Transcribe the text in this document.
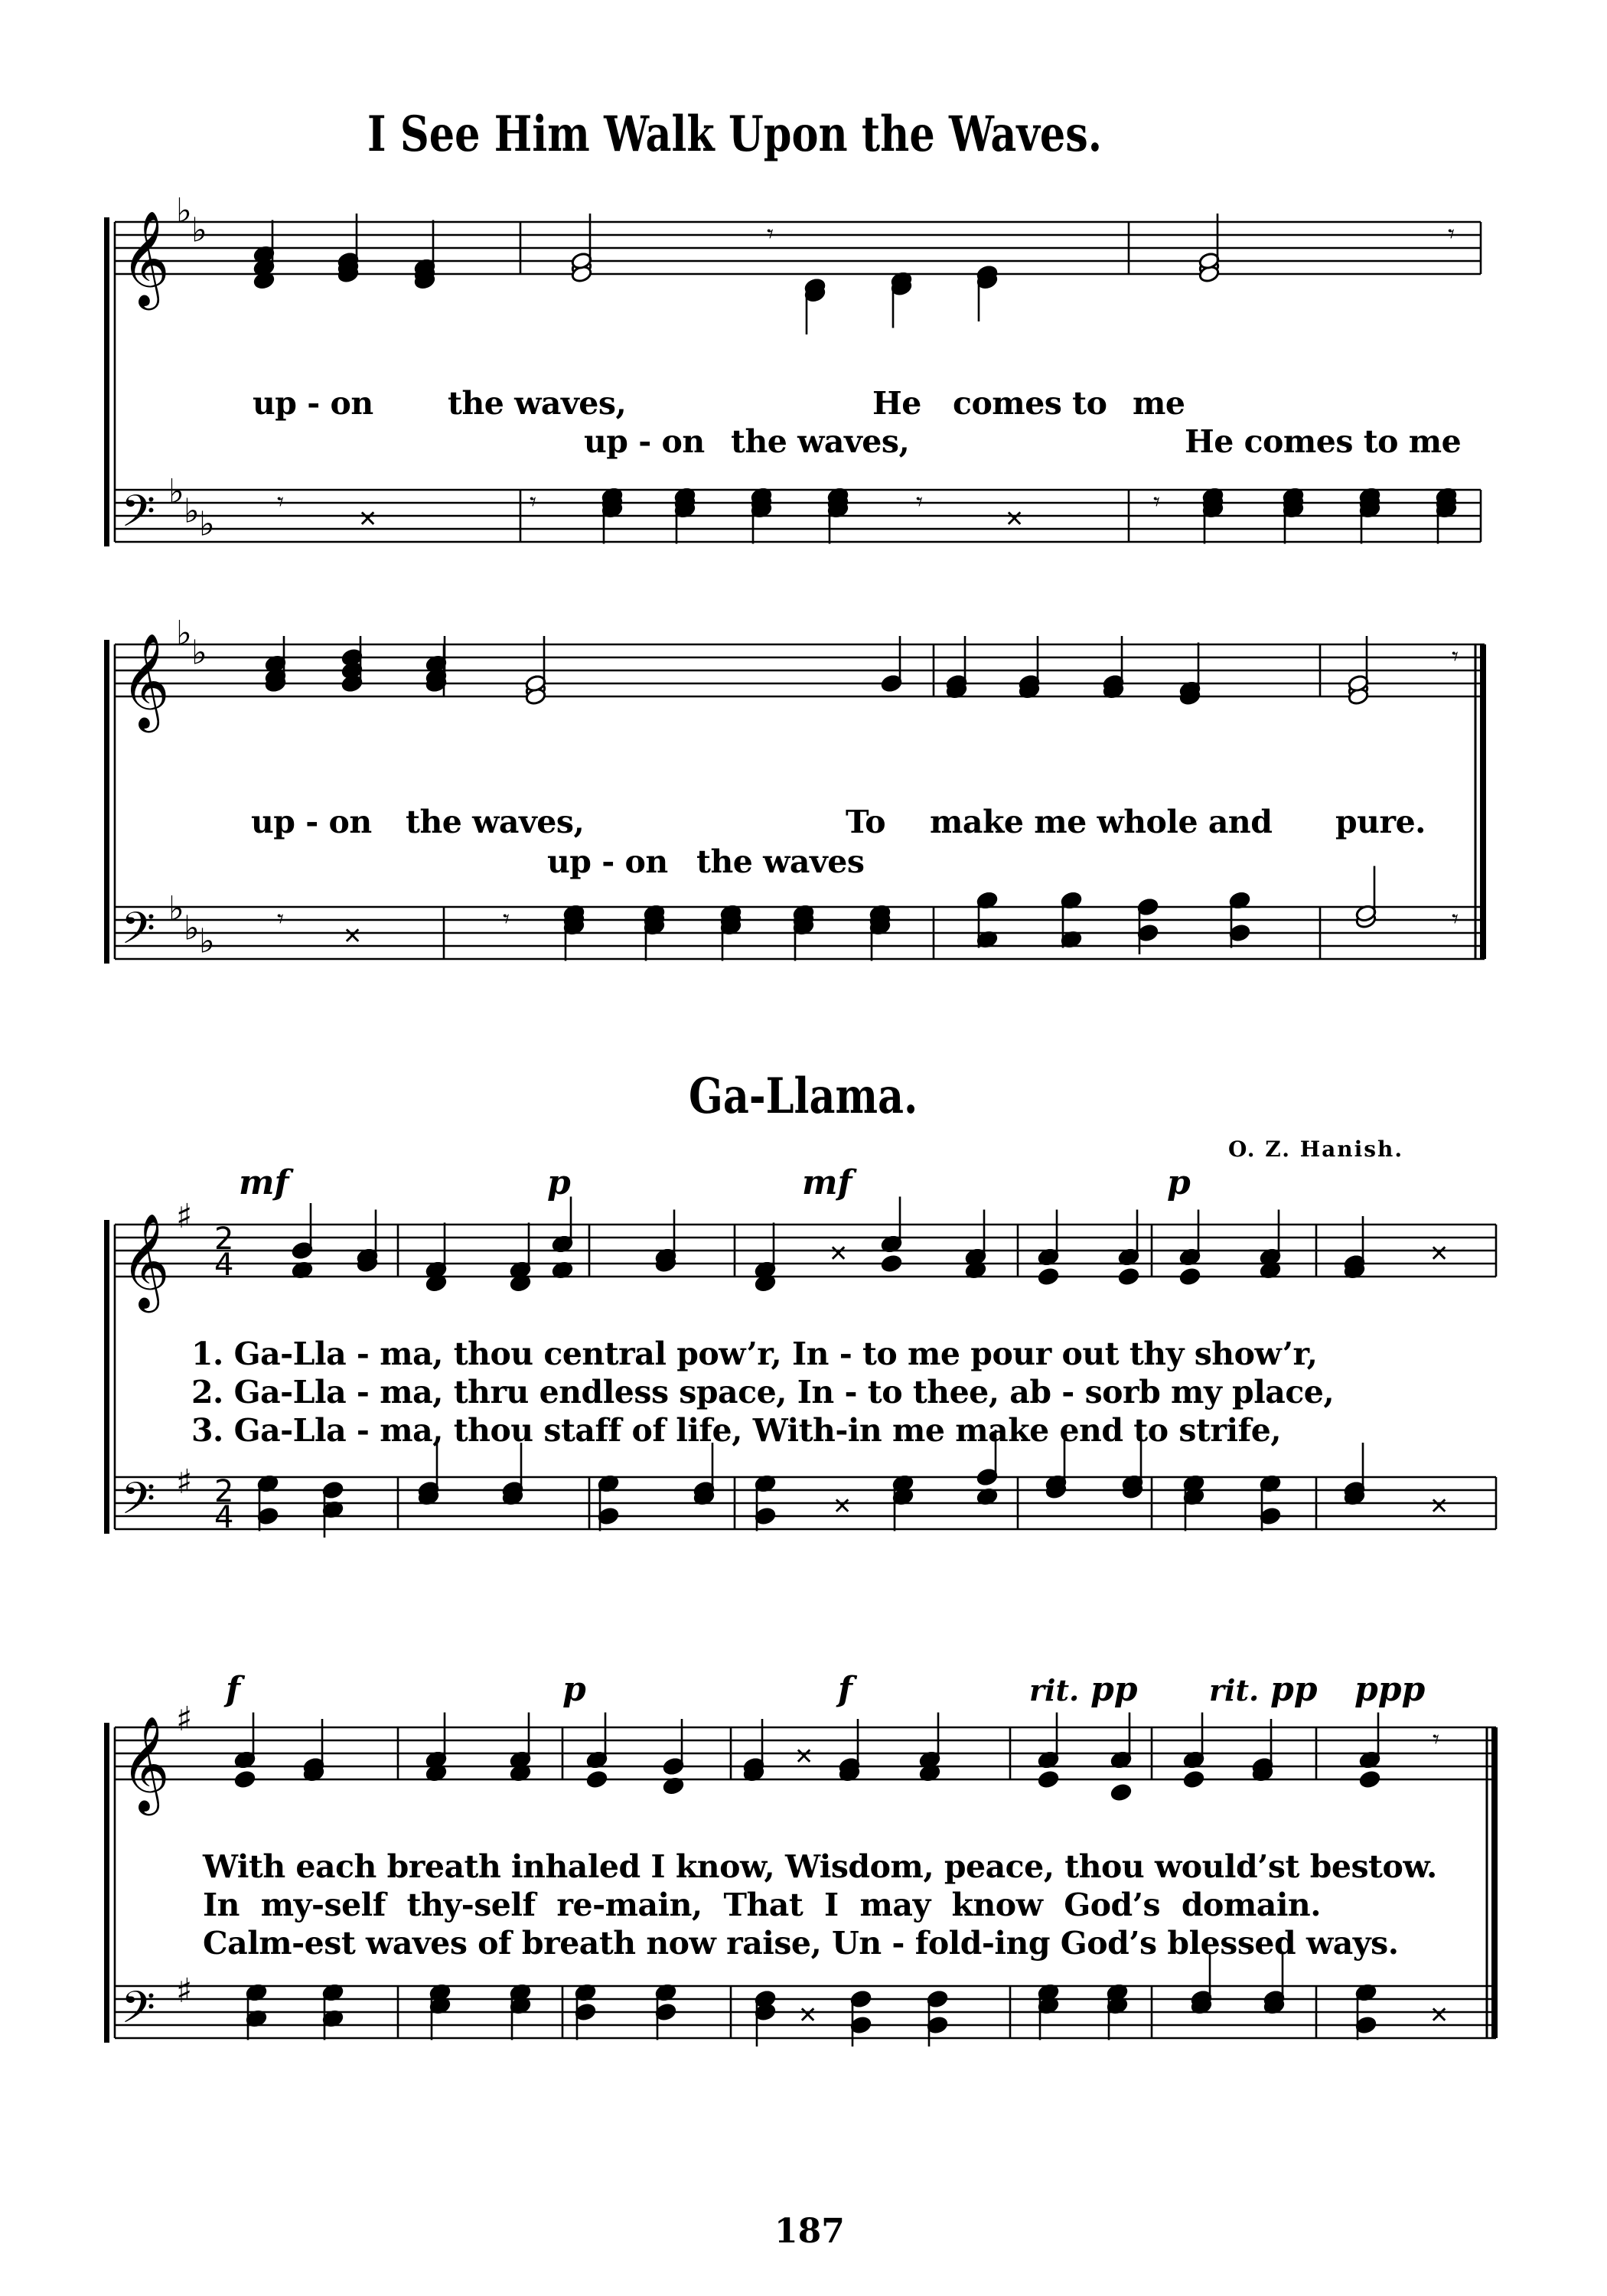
𝄞
𝄢
♭ ♭
♭ ♭ ♭
𝄾	𝄾
𝄾
✕
𝄾	𝄾
✕
𝄾
𝄞
𝄢
♭ ♭
♭ ♭ ♭
𝄾
𝄾
✕
𝄾	𝄾
𝄞
𝄢
♯
♯
2
2
4
4
✕	✕
✕	✕
𝄞
𝄢
♯
♯
✕
𝄾
✕	✕
I See Him Walk Upon the Waves.
up - on the waves,	He comes to me
up - on the waves,	He comes to me
up - on the waves,	To make me whole and pure.
up - on the waves
Ga-Llama.
O. Z. Hanish.
mf	p	mf	p
1. Ga-Lla - ma, thou central pow’r, In - to me pour out thy show’r,
2. Ga-Lla - ma, thru endless space, In - to thee, ab - sorb my place,
3. Ga-Lla - ma, thou staff of life, With-in me make end to strife,
f	p	f	rit. pp rit. pp ppp
With each breath inhaled I know, Wisdom, peace, thou would’st bestow.
In my-self thy-self re-main, That I may know God’s domain.
Calm-est waves of breath now raise, Un - fold-ing God’s blessed ways.
187
